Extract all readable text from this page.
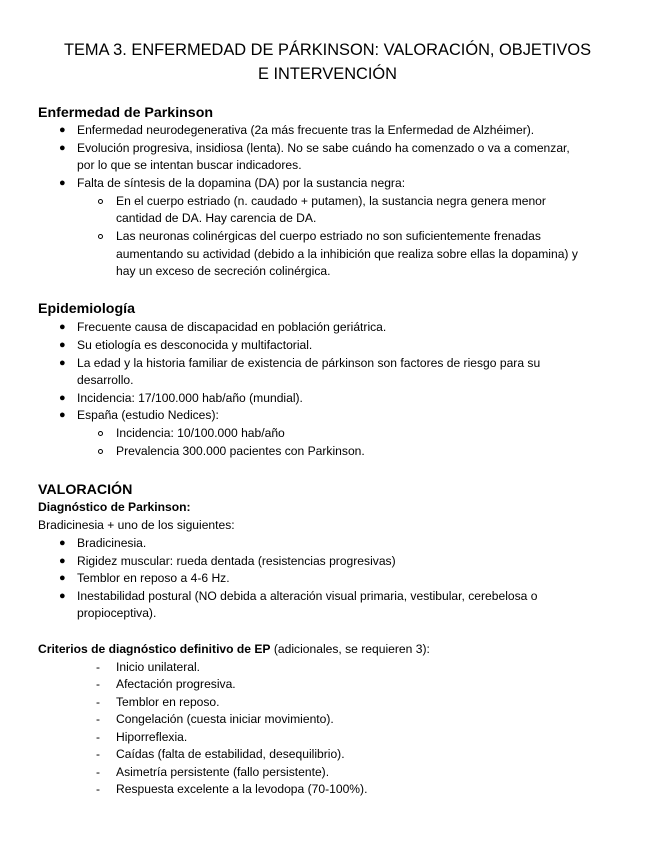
TEMA 3. ENFERMEDAD DE PÁRKINSON: VALORACIÓN, OBJETIVOS
E INTERVENCIÓN
Enfermedad de Parkinson
● Enfermedad neurodegenerativa (2a más frecuente tras la Enfermedad de Alzhéimer).
● Evolución progresiva, insidiosa (lenta). No se sabe cuándo ha comenzado o va a comenzar,
por lo que se intentan buscar indicadores.
● Falta de síntesis de la dopamina (DA) por la sustancia negra:
En el cuerpo estriado (n. caudado + putamen), la sustancia negra genera menor
cantidad de DA. Hay carencia de DA.
Las neuronas colinérgicas del cuerpo estriado no son suficientemente frenadas
aumentando su actividad (debido a la inhibición que realiza sobre ellas la dopamina) y
hay un exceso de secreción colinérgica.
Epidemiología
● Frecuente causa de discapacidad en población geriátrica.
● Su etiología es desconocida y multifactorial.
● La edad y la historia familiar de existencia de párkinson son factores de riesgo para su
desarrollo.
● Incidencia: 17/100.000 hab/año (mundial).
● España (estudio Nedices):
Incidencia: 10/100.000 hab/año
Prevalencia 300.000 pacientes con Parkinson.
VALORACIÓN
Diagnóstico de Parkinson:
Bradicinesia + uno de los siguientes:
● Bradicinesia.
● Rigidez muscular: rueda dentada (resistencias progresivas)
● Temblor en reposo a 4-6 Hz.
● Inestabilidad postural (NO debida a alteración visual primaria, vestibular, cerebelosa o
propioceptiva).
Criterios de diagnóstico definitivo de EP (adicionales, se requieren 3):
- Inicio unilateral.
- Afectación progresiva.
- Temblor en reposo.
- Congelación (cuesta iniciar movimiento).
- Hiporreflexia.
- Caídas (falta de estabilidad, desequilibrio).
- Asimetría persistente (fallo persistente).
- Respuesta excelente a la levodopa (70-100%).
